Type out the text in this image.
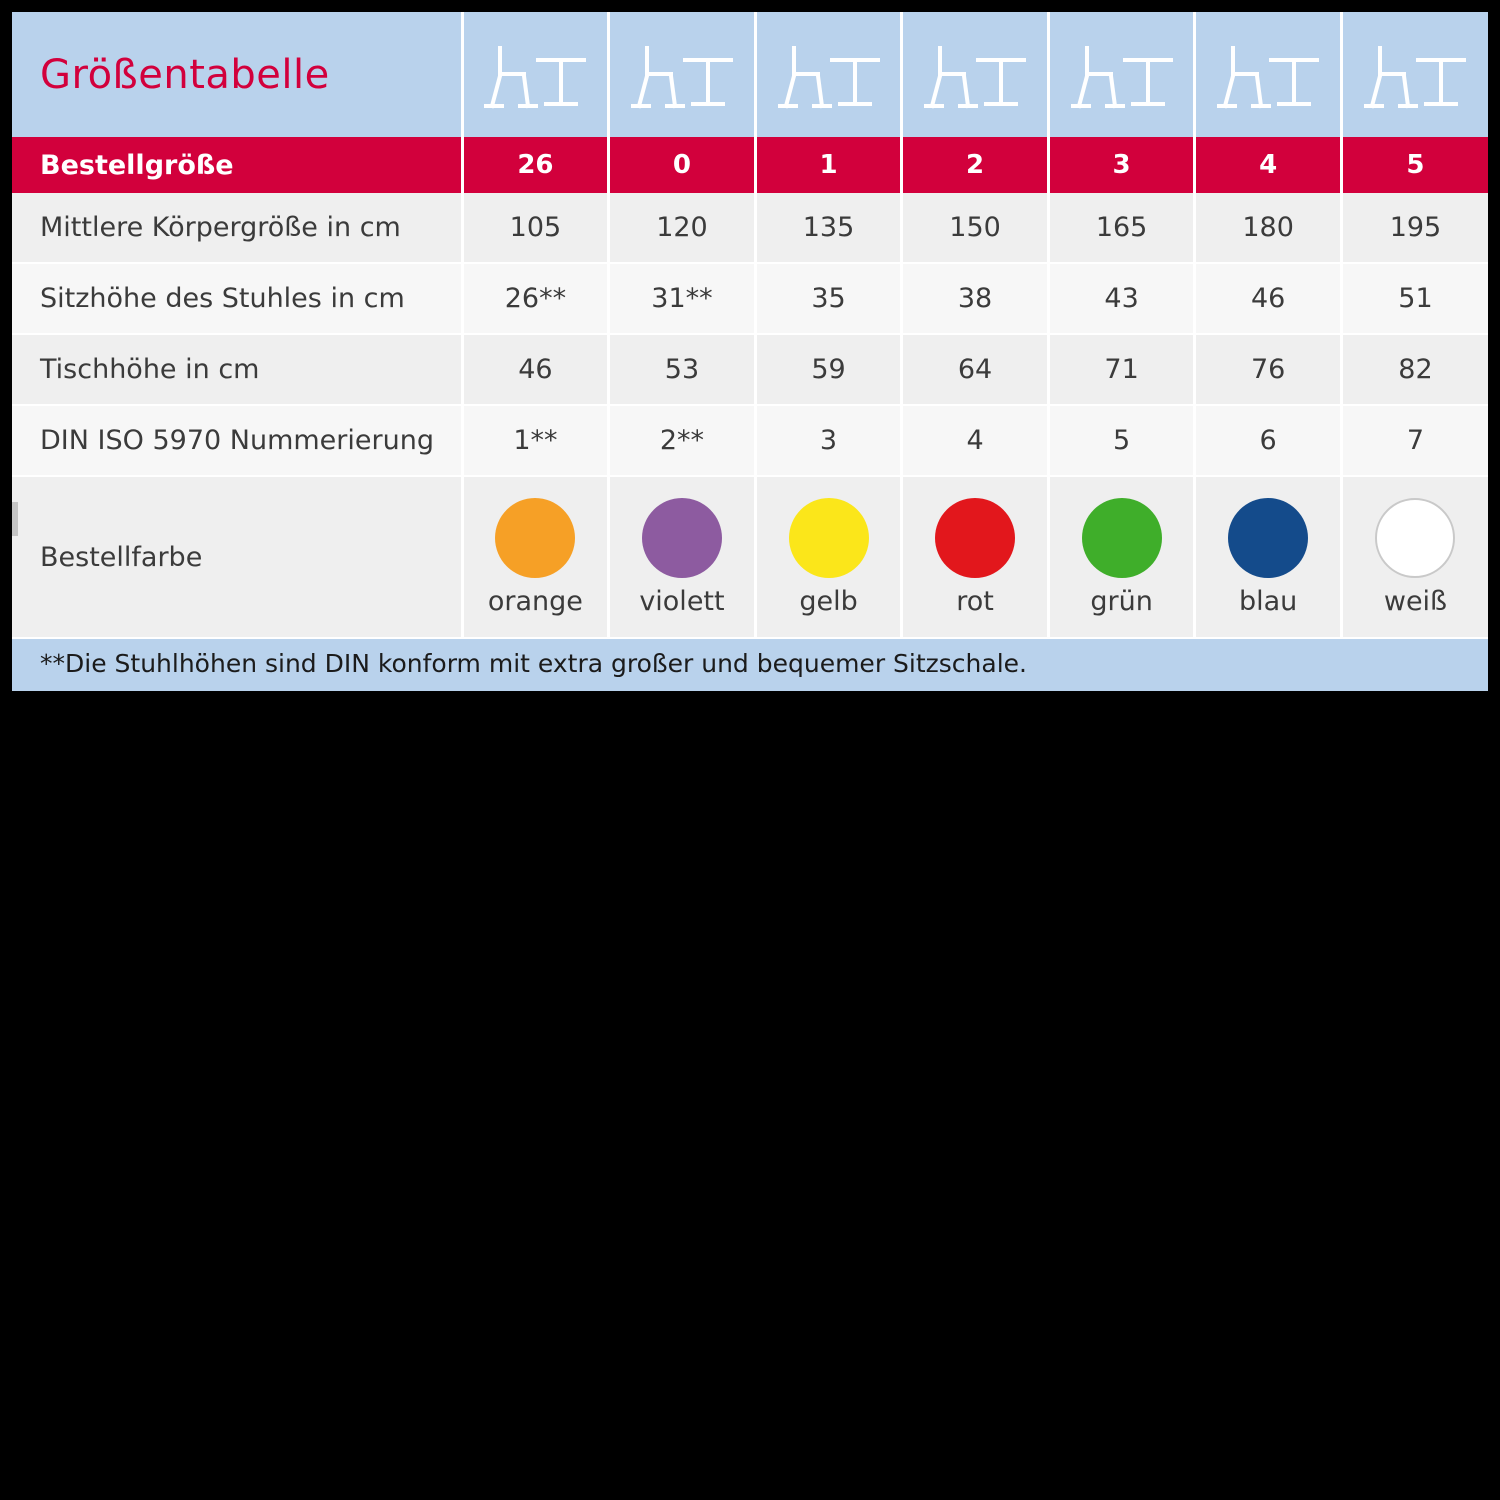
Größentabelle							
Bestellgröße	26	0	1	2	3	4	5
Mittlere Körpergröße in cm	105	120	135	150	165	180	195
Sitzhöhe des Stuhles in cm	26**	31**	35	38	43	46	51
Tischhöhe in cm	46	53	59	64	71	76	82
DIN ISO 5970 Nummerierung	1**	2**	3	4	5	6	7
Bestellfarbe	orange	violett	gelb	rot	grün	blau	weiß
**Die Stuhlhöhen sind DIN konform mit extra großer und bequemer Sitzschale.
